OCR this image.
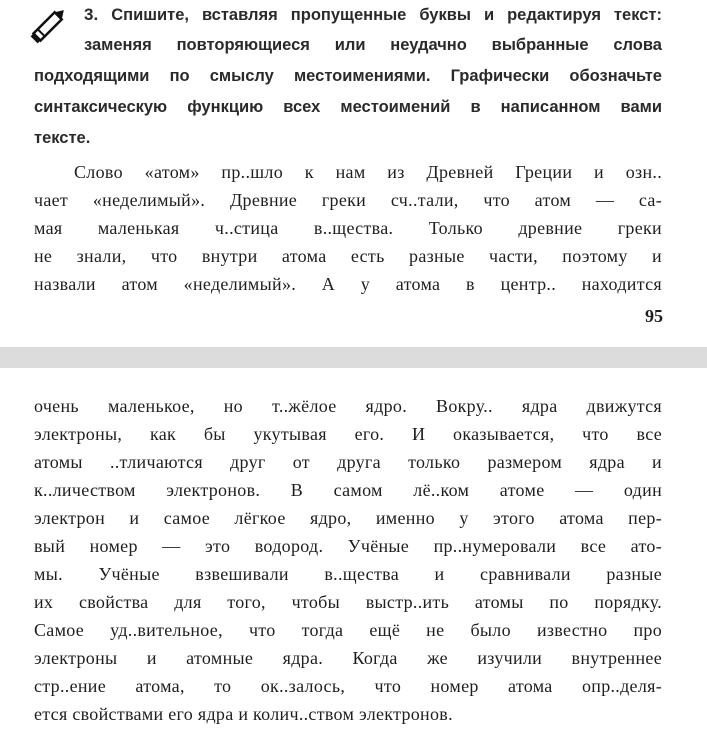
3. Спишите, вставляя пропущенные буквы и редактируя текст:
заменяя повторяющиеся или неудачно выбранные слова
подходящими по смыслу местоимениями. Графически обозначьте
синтаксическую функцию всех местоимений в написанном вами
тексте.
Слово «атом» пр..шло к нам из Древней Греции и озн..
чает «неделимый». Древние греки сч..тали, что атом — са-
мая маленькая ч..стица в..щества. Только древние греки
не знали, что внутри атома есть разные части, поэтому и
назвали атом «неделимый». А у атома в центр.. находится
95
очень маленькое, но т..жёлое ядро. Вокру.. ядра движутся
электроны, как бы укутывая его. И оказывается, что все
атомы ..тличаются друг от друга только размером ядра и
к..личеством электронов. В самом лё..ком атоме — один
электрон и самое лёгкое ядро, именно у этого атома пер-
вый номер — это водород. Учёные пр..нумеровали все ато-
мы. Учёные взвешивали в..щества и сравнивали разные
их свойства для того, чтобы выстр..ить атомы по порядку.
Самое уд..вительное, что тогда ещё не было известно про
электроны и атомные ядра. Когда же изучили внутреннее
стр..ение атома, то ок..залось, что номер атома опр..деля-
ется свойствами его ядра и колич..ством электронов.
